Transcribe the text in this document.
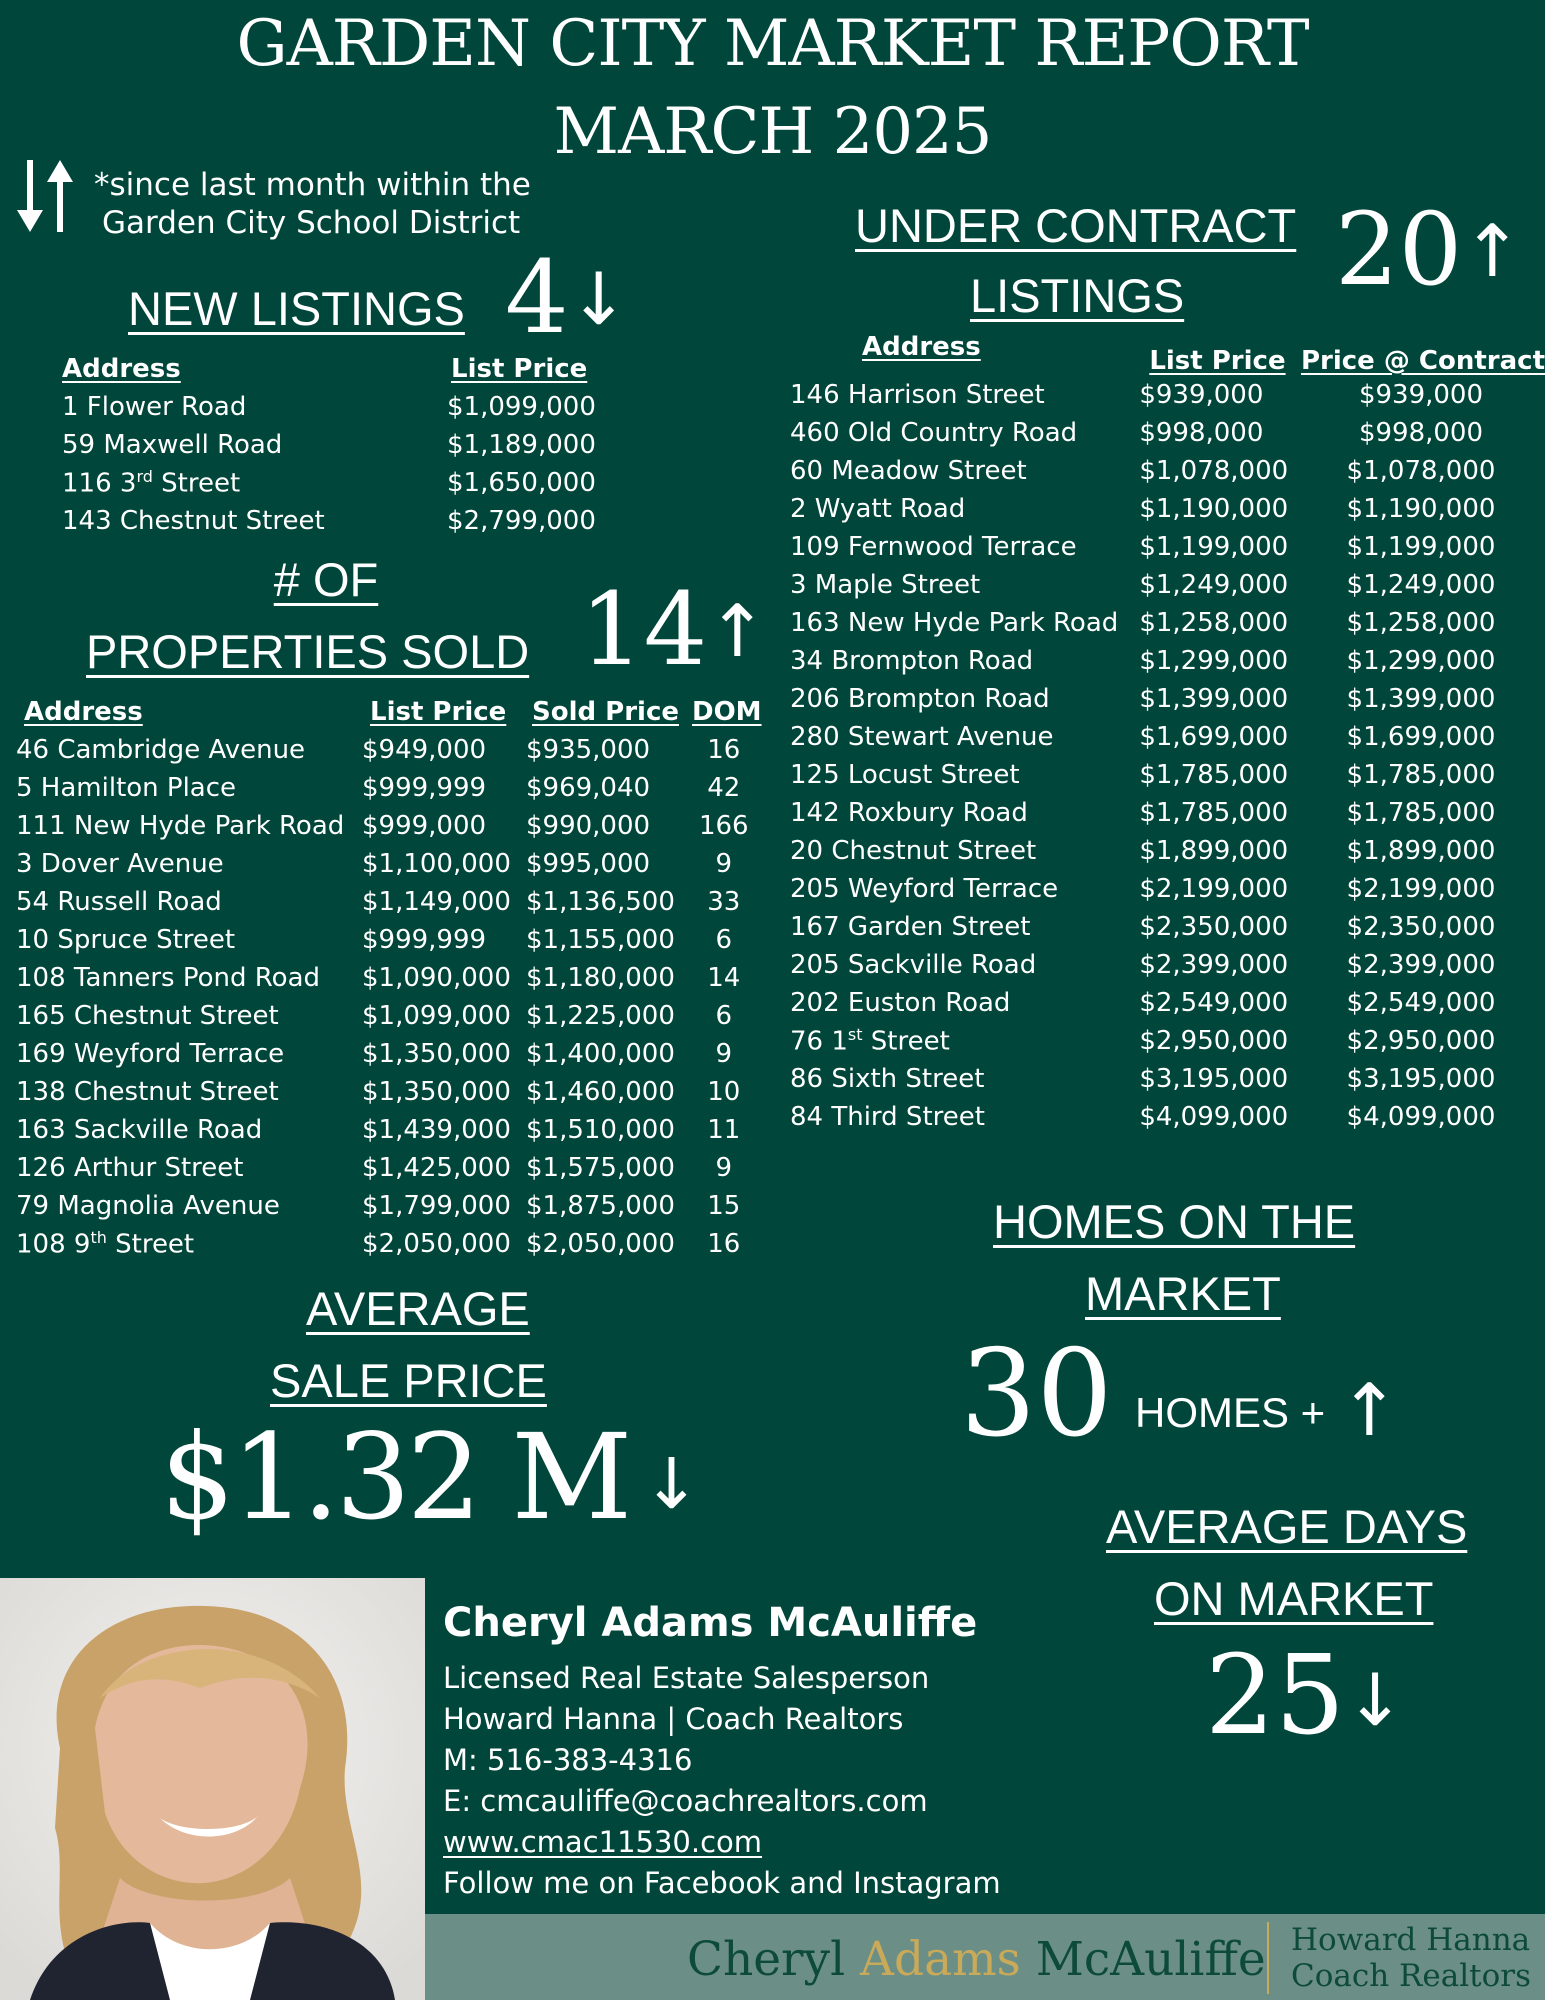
GARDEN CITY MARKET REPORT
MARCH 2025
*since last month within the
Garden City School District
NEW LISTINGS 4↓
Address	List Price
1 Flower Road	$1,099,000
59 Maxwell Road	$1,189,000
116 3rd Street	$1,650,000
143 Chestnut Street	$2,799,000
# OF
PROPERTIES SOLD 14↑
Address	List Price	Sold Price	DOM
46 Cambridge Avenue	$949,000	$935,000	16
5 Hamilton Place	$999,999	$969,040	42
111 New Hyde Park Road	$999,000	$990,000	166
3 Dover Avenue	$1,100,000	$995,000	9
54 Russell Road	$1,149,000	$1,136,500	33
10 Spruce Street	$999,999	$1,155,000	6
108 Tanners Pond Road	$1,090,000	$1,180,000	14
165 Chestnut Street	$1,099,000	$1,225,000	6
169 Weyford Terrace	$1,350,000	$1,400,000	9
138 Chestnut Street	$1,350,000	$1,460,000	10
163 Sackville Road	$1,439,000	$1,510,000	11
126 Arthur Street	$1,425,000	$1,575,000	9
79 Magnolia Avenue	$1,799,000	$1,875,000	15
108 9th Street	$2,050,000	$2,050,000	16
AVERAGE
SALE PRICE
$1.32 M ↓
UNDER CONTRACT
LISTINGS 20↑
Address	List Price	Price @ Contract
146 Harrison Street	$939,000	$939,000
460 Old Country Road	$998,000	$998,000
60 Meadow Street	$1,078,000	$1,078,000
2 Wyatt Road	$1,190,000	$1,190,000
109 Fernwood Terrace	$1,199,000	$1,199,000
3 Maple Street	$1,249,000	$1,249,000
163 New Hyde Park Road	$1,258,000	$1,258,000
34 Brompton Road	$1,299,000	$1,299,000
206 Brompton Road	$1,399,000	$1,399,000
280 Stewart Avenue	$1,699,000	$1,699,000
125 Locust Street	$1,785,000	$1,785,000
142 Roxbury Road	$1,785,000	$1,785,000
20 Chestnut Street	$1,899,000	$1,899,000
205 Weyford Terrace	$2,199,000	$2,199,000
167 Garden Street	$2,350,000	$2,350,000
205 Sackville Road	$2,399,000	$2,399,000
202 Euston Road	$2,549,000	$2,549,000
76 1st Street	$2,950,000	$2,950,000
86 Sixth Street	$3,195,000	$3,195,000
84 Third Street	$4,099,000	$4,099,000
HOMES ON THE
MARKET
30 HOMES + ↑
AVERAGE DAYS
ON MARKET
25↓
Cheryl Adams McAuliffe
Licensed Real Estate Salesperson
Howard Hanna | Coach Realtors
M: 516-383-4316
E: cmcauliffe@coachrealtors.com
www.cmac11530.com
Follow me on Facebook and Instagram
Cheryl Adams McAuliffe Howard Hanna
Coach Realtors
